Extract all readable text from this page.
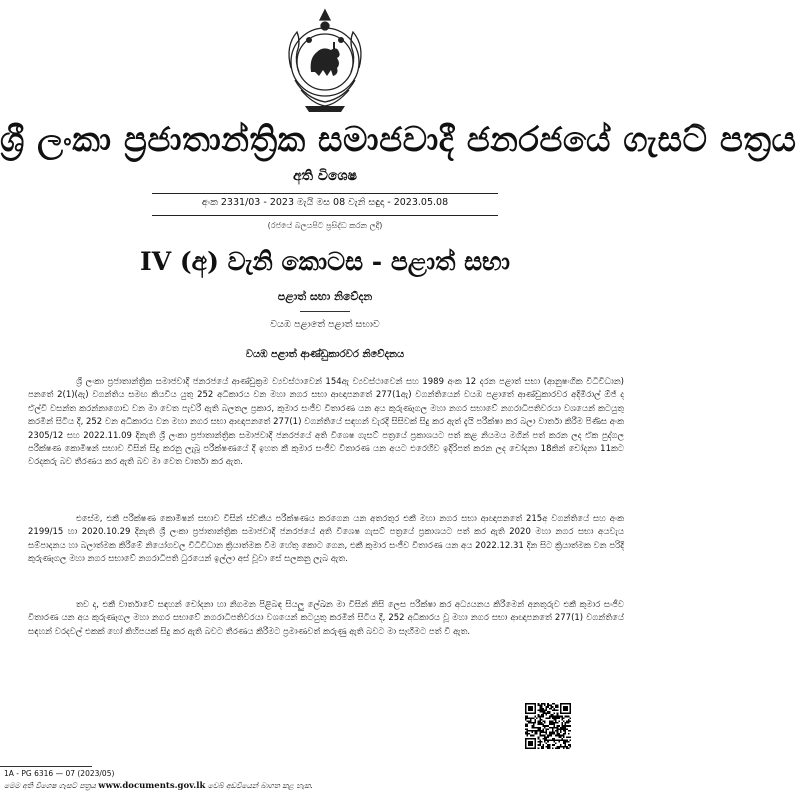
ශ්‍රී ලංකා ප්‍රජාතාන්ත්‍රික සමාජවාදී ජනරජයේ ගැසට් පත්‍රය
අති විශෙෂ
අංක 2331/03 - 2023 මැයි මස 08 වැනි සඳුදා - 2023.05.08
(රජයේ බලයපිට ප්‍රසිද්ධ කරන ලදී)
IV (අ) වැනි කොටස - පළාත් සභා
පළාත් සභා නිවේදන
වයඹ පළාතේ පළාත් සභාව
වයඹ පළාත් ආණ්ඩුකාරවර නිවේදනය

ශ්‍රී ලංකා ප්‍රජාතාන්ත්‍රික සමාජවාදී ජනරජයේ ආණ්ඩුක්‍රම ව්‍යවස්ථාවෙන් 154ඇ ව්‍යවස්ථාවෙන් සහ 1989 අංක 12 දරන පළාත් සභා (ආනුෂංගික විධිවිධාන) පනතේ 2(1)(ඇ) වගන්තිය සමඟ කියවිය යුතු 252 අධිකාරය වන මහා නගර සභා ආඥාපනතේ 277(1ඇ) වගන්තියෙන් වයඹ පළාතේ ආණ්ඩුකාරවර අදිමිරාල් ඕජ් ද ඒ‍ල්වි වසන්ත කරන්නාගොඩ වන මා වෙත පැවරී ඇති බලතල ප්‍රකාර, කුමාර සංජීව විතාරණ යන අය කුරුණෑගල මහා නගර සභාවේ නගරාධිපතිවරයා වශයෙන් කටයුතු කරමින් සිටිය දී, 252 වන අධිකාරය වන මහා නගර සභා ආඥාපනතේ 277(1) වගන්තියේ සඳහන් වැරදි සිසිවක් සිදු කර ඇත් දැයි පරීක්ෂා කර බලා වාර්තා කිරීම පිණිස අංක 2305/12 සහ 2022.11.09 දිනැති ශ්‍රී ලංකා ප්‍රජාතාන්ත්‍රික සමාජවාදී ජනරජයේ අති විශෙෂ ගැසට් පත්‍රයේ ප්‍රකාශයට පත් කළ නියමය මගින් පත් කරන ලද ඒක පුද්ගල පරීක්ෂණ කොමිෂන් සභාව විසින් සිදු කරනු ලැබූ පරීක්ෂණයේ දී ඉහත කී කුමාර සංජීව විතාරණ යන අයට එරෙහිව ඉදිරිපත් කරන ලද චෝදනා 18කින් චෝදනා 11කට වරදකරු බව තීරණය කර ඇති බව මා වෙත වාර්තා කර ඇත.

එසේම, එකී පරීක්ෂණ කොමිෂන් සභාව විසින් ස්වකීය පරීක්ෂණය කරගෙන යන අතරතුර එකී මහා නගර සභා ආඥාපනතේ 215අ වගන්තියේ සහ අංක 2199/15 හා 2020.10.29 දිනැති ශ්‍රී ලංකා ප්‍රජාතාන්ත්‍රික සමාජවාදී ජනරජයේ අති විශෙෂ ගැසට් පත්‍රයේ ප්‍රකාශයට පත් කර ඇති 2020 මහා නගර සභා අයවැය සම්පාදනය හා බලාත්මක කිරීමේ නියෝගවල විධිවිධාන ක්‍රියාත්මක වීම හේතු කොට ගෙන, එකී කුමාර සංජීව විතාරණ යන අය 2022.12.31 දින සිට ක්‍රියාත්මක වන පරිදි කුරුණෑගල මහා නගර සභාවේ නගරාධිපති ධුරයෙන් ඉල්ලා අස් වූවා සේ සලකනු ලැබ ඇත.

තව ද, එකී වාර්තාවේ සඳහන් චෝදනා හා නිගමන පිළිබඳ සියලු ලේඛන මා විසින් නිසි ලෙස පරීක්ෂා කර අධ්‍යයනය කිරීමෙන් අනතුරුව එකී කුමාර සංජීව විතාරණ යන අය කුරුණෑගල මහා නගර සභාවේ නගරාධිපතිවරයා වශයෙන් කටයුතු කරමින් සිටිය දී, 252 අධිකාරය වූ මහා නගර සභා ආඥාපනතේ 277(1) වගන්තියේ සඳහන් වරදවල් එකක් හෝ කිහිපයක් සිදු කර ඇති බවට තීරණය කිරීමට ප්‍රමාණවත් කරුණු ඇති බවට මා සෑහීමට පත් වී ඇත.

1A - PG 6316 — 07 (2023/05)
මෙම අති විශෙෂ ගැසට් පත්‍රය www.documents.gov.lk වෙබ් අඩවියෙන් බාගත කළ හැක.
